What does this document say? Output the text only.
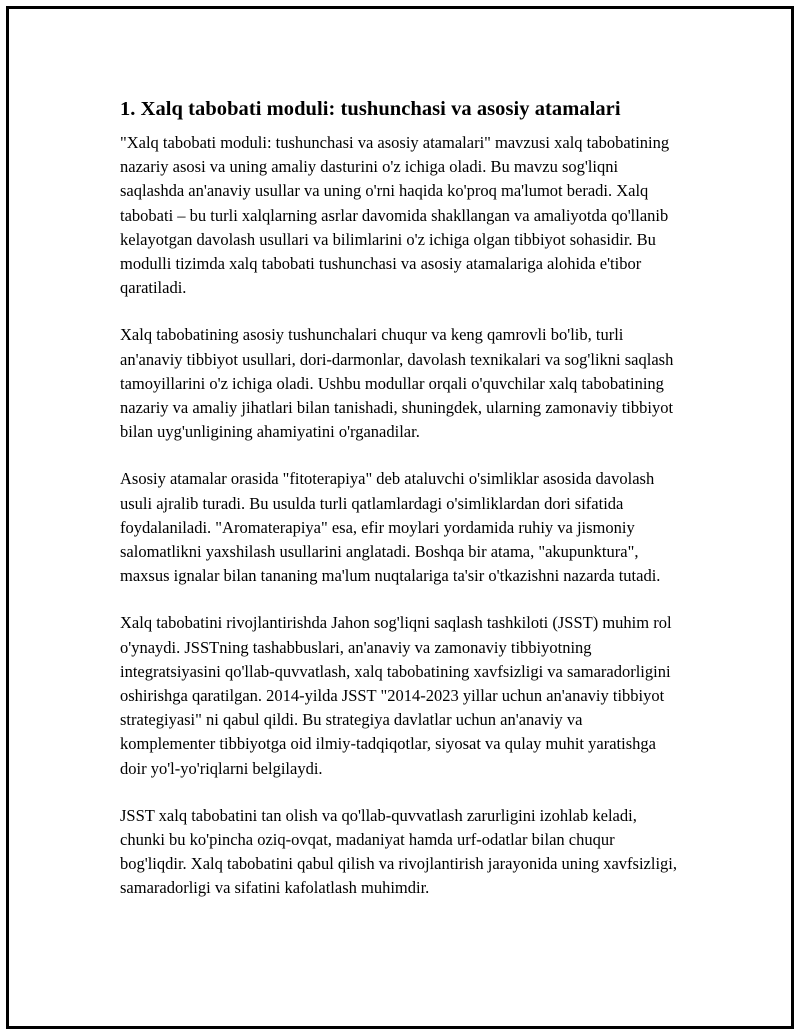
1. Xalq tabobati moduli: tushunchasi va asosiy atamalari

"Xalq tabobati moduli: tushunchasi va asosiy atamalari" mavzusi xalq tabobatining nazariy asosi va uning amaliy dasturini o'z ichiga oladi. Bu mavzu sog'liqni saqlashda an'anaviy usullar va uning o'rni haqida ko'proq ma'lumot beradi. Xalq tabobati – bu turli xalqlarning asrlar davomida shakllangan va amaliyotda qo'llanib kelayotgan davolash usullari va bilimlarini o'z ichiga olgan tibbiyot sohasidir. Bu modulli tizimda xalq tabobati tushunchasi va asosiy atamalariga alohida e'tibor qaratiladi.

Xalq tabobatining asosiy tushunchalari chuqur va keng qamrovli bo'lib, turli an'anaviy tibbiyot usullari, dori-darmonlar, davolash texnikalari va sog'likni saqlash tamoyillarini o'z ichiga oladi. Ushbu modullar orqali o'quvchilar xalq tabobatining nazariy va amaliy jihatlari bilan tanishadi, shuningdek, ularning zamonaviy tibbiyot bilan uyg'unligining ahamiyatini o'rganadilar.

Asosiy atamalar orasida "fitoterapiya" deb ataluvchi o'simliklar asosida davolash usuli ajralib turadi. Bu usulda turli qatlamlardagi o'simliklardan dori sifatida foydalaniladi. "Aromaterapiya" esa, efir moylari yordamida ruhiy va jismoniy salomatlikni yaxshilash usullarini anglatadi. Boshqa bir atama, "akupunktura", maxsus ignalar bilan tananing ma'lum nuqtalariga ta'sir o'tkazishni nazarda tutadi.

Xalq tabobatini rivojlantirishda Jahon sog'liqni saqlash tashkiloti (JSST) muhim rol o'ynaydi. JSSTning tashabbuslari, an'anaviy va zamonaviy tibbiyotning integratsiyasini qo'llab-quvvatlash, xalq tabobatining xavfsizligi va samaradorligini oshirishga qaratilgan. 2014-yilda JSST "2014-2023 yillar uchun an'anaviy tibbiyot strategiyasi" ni qabul qildi. Bu strategiya davlatlar uchun an'anaviy va komplementer tibbiyotga oid ilmiy-tadqiqotlar, siyosat va qulay muhit yaratishga doir yo'l-yo'riqlarni belgilaydi.

JSST xalq tabobatini tan olish va qo'llab-quvvatlash zarurligini izohlab keladi, chunki bu ko'pincha oziq-ovqat, madaniyat hamda urf-odatlar bilan chuqur bog'liqdir. Xalq tabobatini qabul qilish va rivojlantirish jarayonida uning xavfsizligi, samaradorligi va sifatini kafolatlash muhimdir.
